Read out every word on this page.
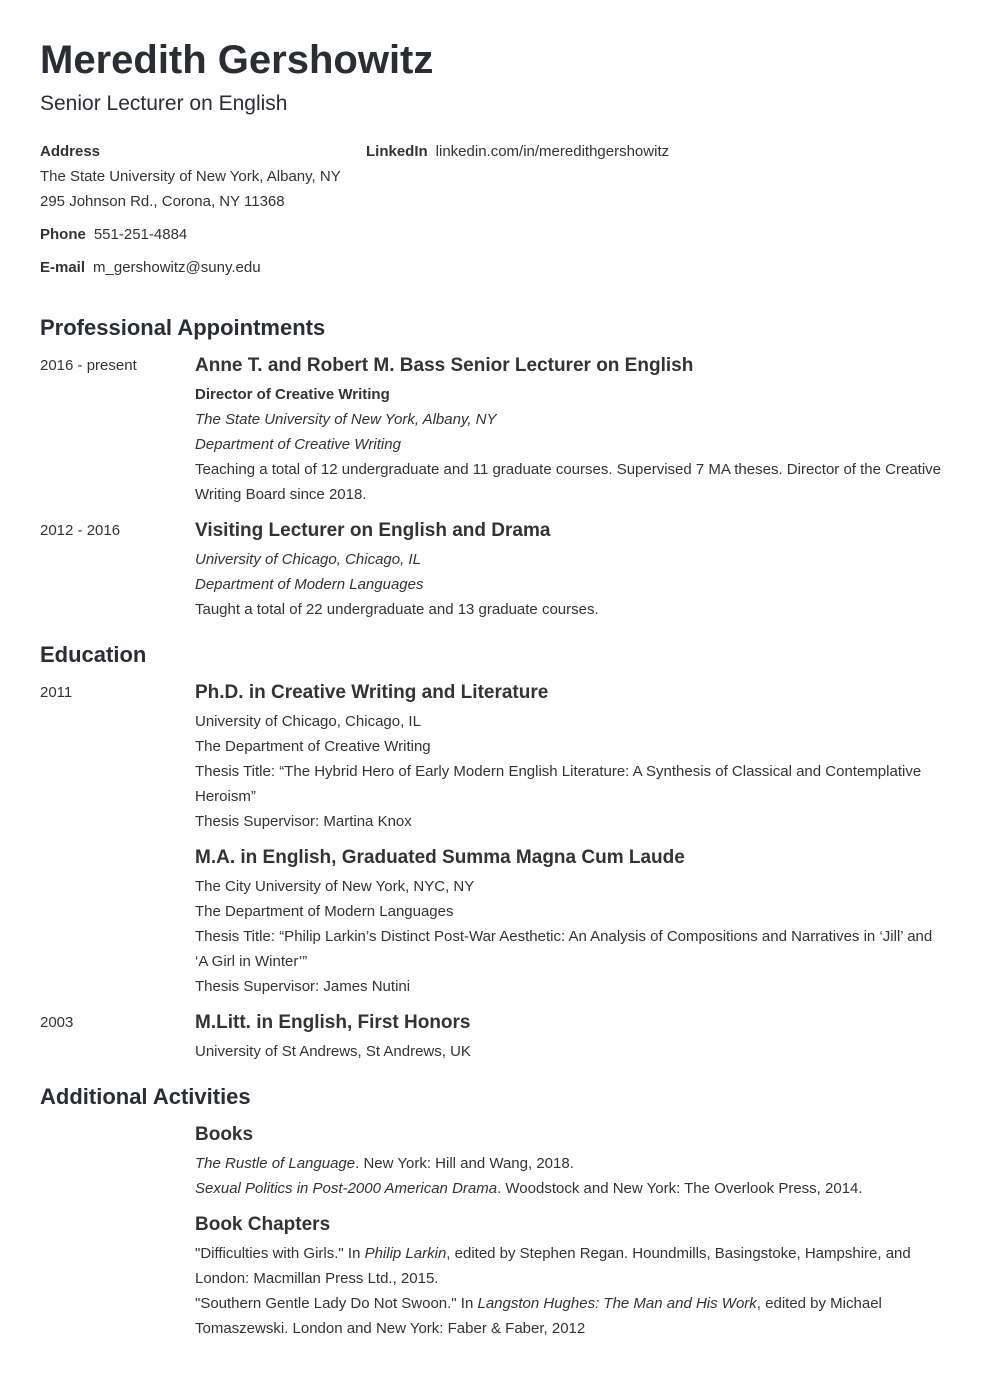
Meredith Gershowitz
Senior Lecturer on English
Address
The State University of New York, Albany, NY
295 Johnson Rd., Corona, NY 11368
Phone 551-251-4884
E-mail m_gershowitz@suny.edu
LinkedIn linkedin.com/in/meredithgershowitz
Professional Appointments
2016 - present	Anne T. and Robert M. Bass Senior Lecturer on English
Director of Creative Writing
The State University of New York, Albany, NY
Department of Creative Writing
Teaching a total of 12 undergraduate and 11 graduate courses. Supervised 7 MA theses. Director of the Creative Writing Board since 2018.
2012 - 2016	Visiting Lecturer on English and Drama
University of Chicago, Chicago, IL
Department of Modern Languages
Taught a total of 22 undergraduate and 13 graduate courses.
Education
2011	Ph.D. in Creative Writing and Literature
University of Chicago, Chicago, IL
The Department of Creative Writing
Thesis Title: “The Hybrid Hero of Early Modern English Literature: A Synthesis of Classical and Contemplative Heroism”
Thesis Supervisor: Martina Knox
M.A. in English, Graduated Summa Magna Cum Laude
The City University of New York, NYC, NY
The Department of Modern Languages
Thesis Title: “Philip Larkin’s Distinct Post-War Aesthetic: An Analysis of Compositions and Narratives in ‘Jill’ and ‘A Girl in Winter’”
Thesis Supervisor: James Nutini
2003	M.Litt. in English, First Honors
University of St Andrews, St Andrews, UK
Additional Activities
Books
The Rustle of Language. New York: Hill and Wang, 2018.
Sexual Politics in Post-2000 American Drama. Woodstock and New York: The Overlook Press, 2014.
Book Chapters
"Difficulties with Girls." In Philip Larkin, edited by Stephen Regan. Houndmills, Basingstoke, Hampshire, and London: Macmillan Press Ltd., 2015.
"Southern Gentle Lady Do Not Swoon." In Langston Hughes: The Man and His Work, edited by Michael Tomaszewski. London and New York: Faber & Faber, 2012
